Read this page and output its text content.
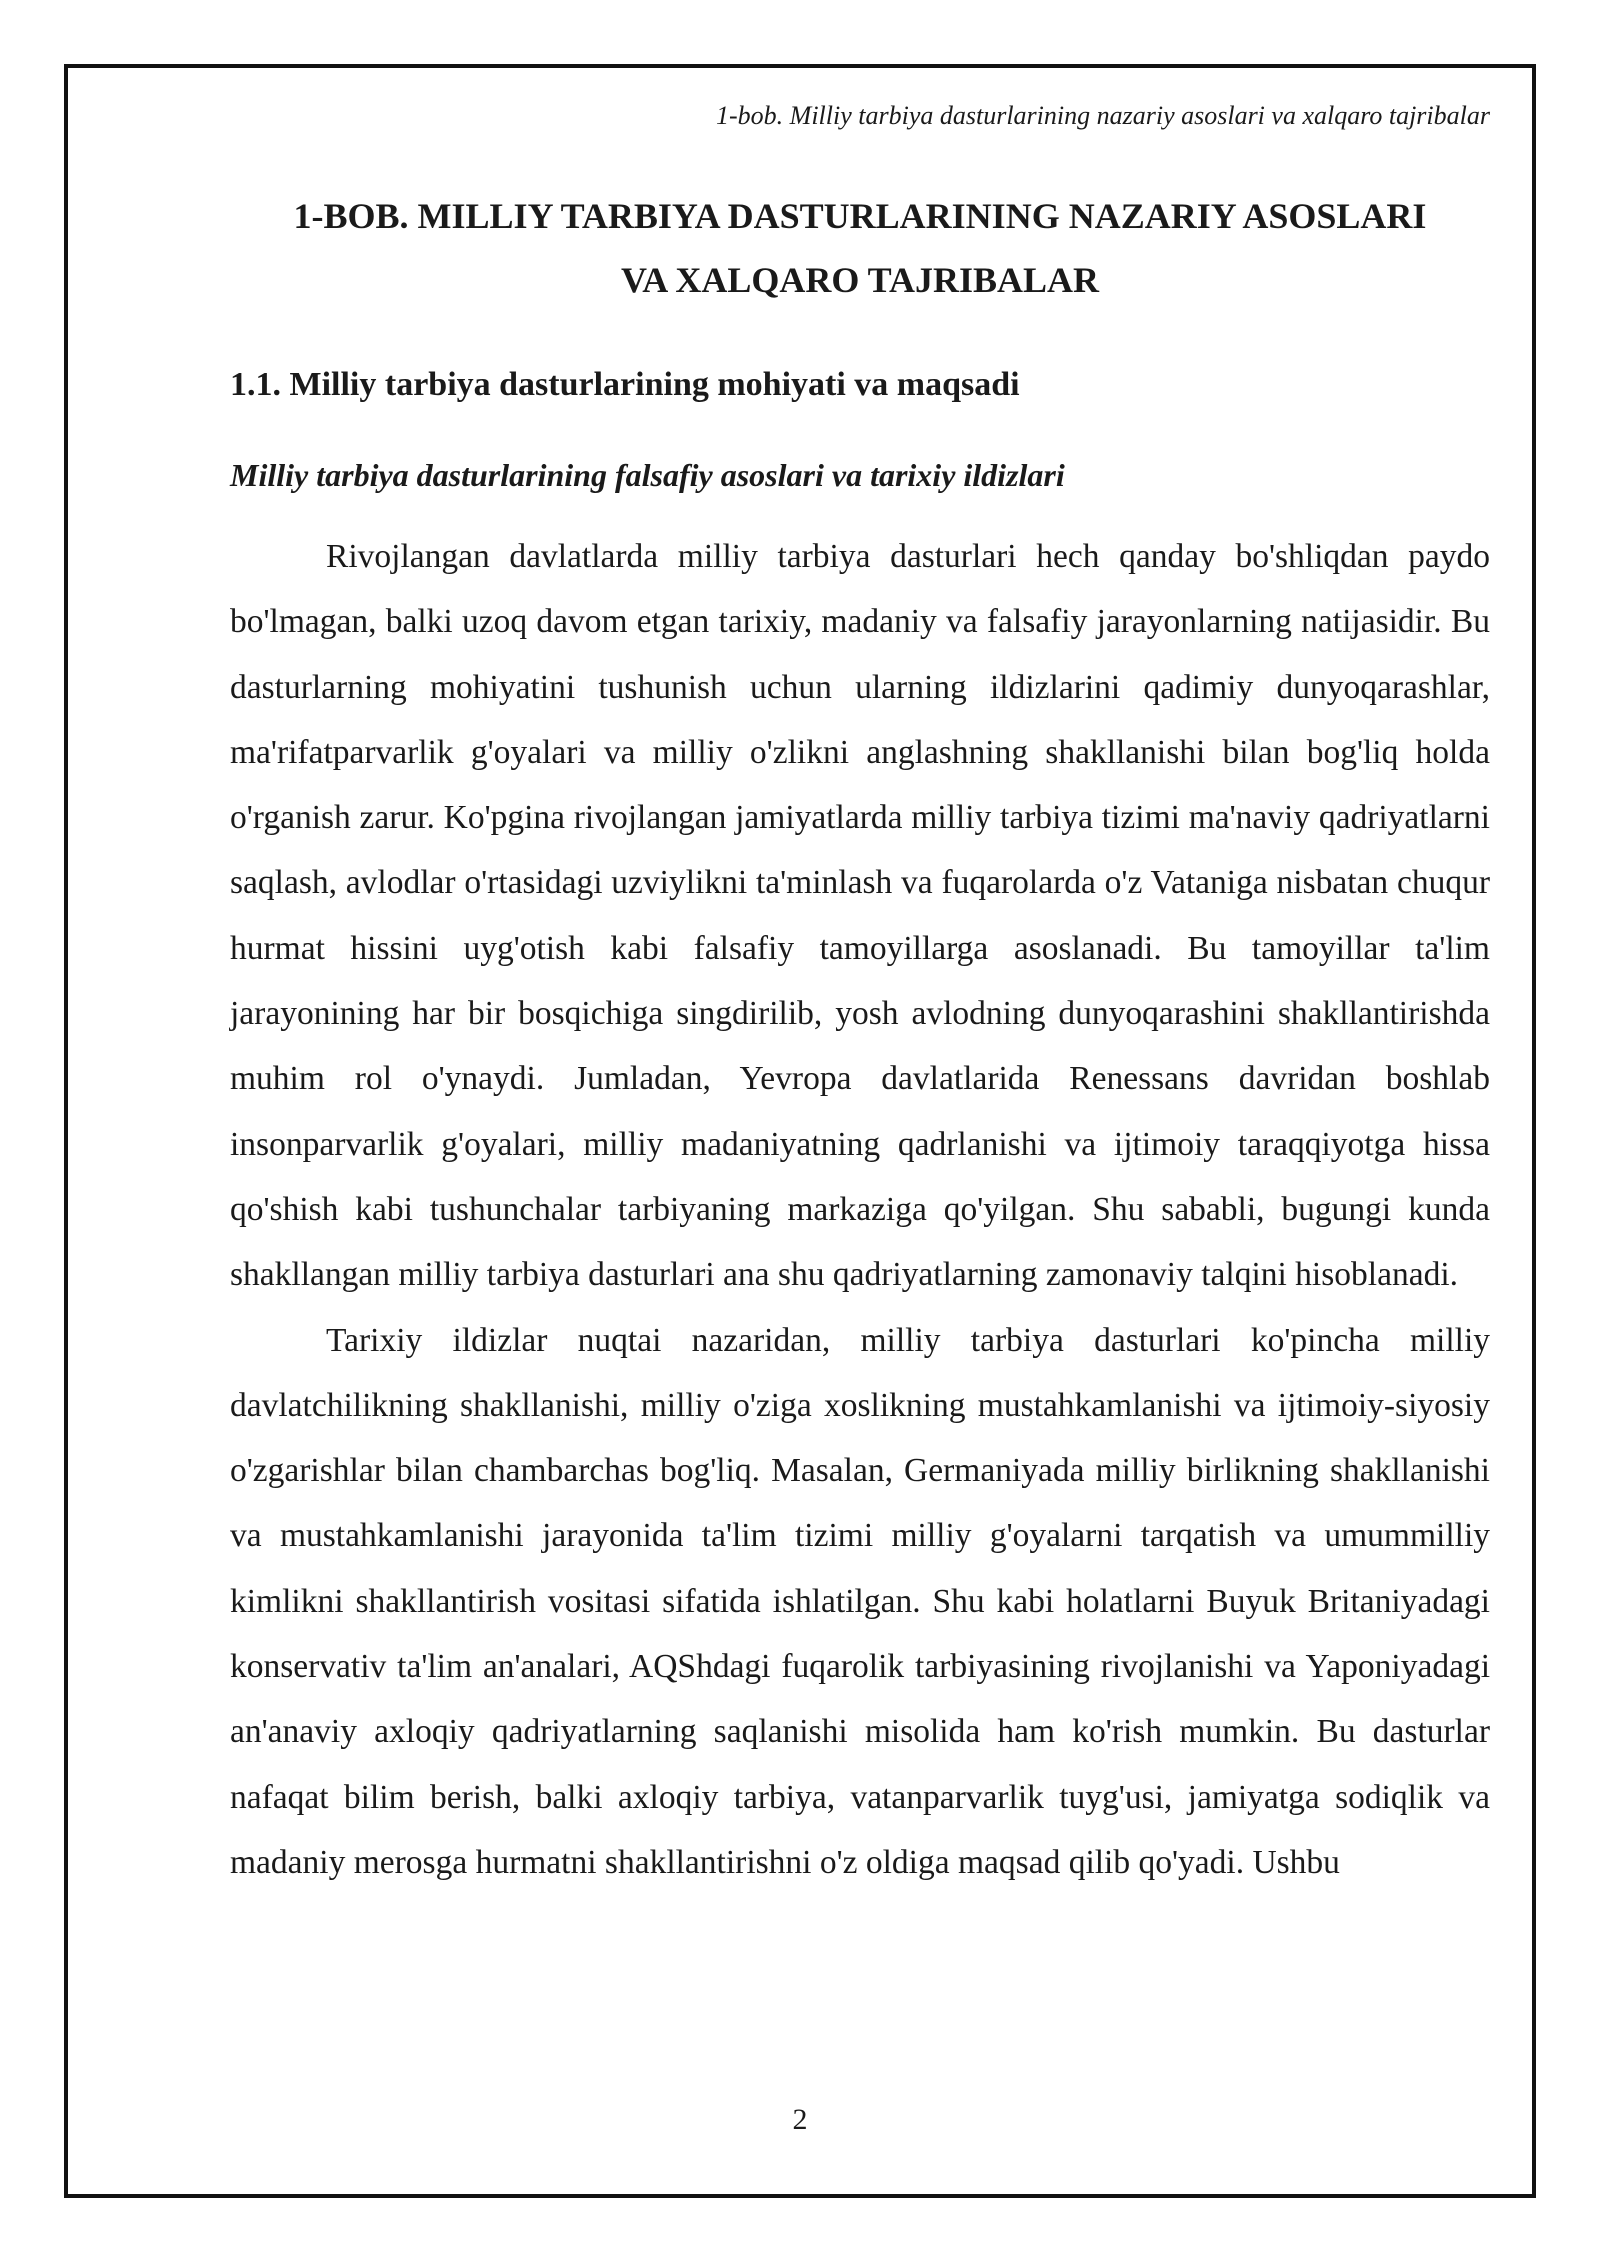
1-bob. Milliy tarbiya dasturlarining nazariy asoslari va xalqaro tajribalar

1-BOB. MILLIY TARBIYA DASTURLARINING NAZARIY ASOSLARI
VA XALQARO TAJRIBALAR
1.1. Milliy tarbiya dasturlarining mohiyati va maqsadi
Milliy tarbiya dasturlarining falsafiy asoslari va tarixiy ildizlari

Rivojlangan davlatlarda milliy tarbiya dasturlari hech qanday bo'shliqdan paydo bo'lmagan, balki uzoq davom etgan tarixiy, madaniy va falsafiy jarayonlarning natijasidir. Bu dasturlarning mohiyatini tushunish uchun ularning ildizlarini qadimiy dunyoqarashlar, ma'rifatparvarlik g'oyalari va milliy o'zlikni anglashning shakllanishi bilan bog'liq holda o'rganish zarur. Ko'pgina rivojlangan jamiyatlarda milliy tarbiya tizimi ma'naviy qadriyatlarni saqlash, avlodlar o'rtasidagi uzviylikni ta'minlash va fuqarolarda o'z Vataniga nisbatan chuqur hurmat hissini uyg'otish kabi falsafiy tamoyillarga asoslanadi. Bu tamoyillar ta'lim jarayonining har bir bosqichiga singdirilib, yosh avlodning dunyoqarashini shakllantirishda muhim rol o'ynaydi. Jumladan, Yevropa davlatlarida Renessans davridan boshlab insonparvarlik g'oyalari, milliy madaniyatning qadrlanishi va ijtimoiy taraqqiyotga hissa qo'shish kabi tushunchalar tarbiyaning markaziga qo'yilgan. Shu sababli, bugungi kunda shakllangan milliy tarbiya dasturlari ana shu qadriyatlarning zamonaviy talqini hisoblanadi.

Tarixiy ildizlar nuqtai nazaridan, milliy tarbiya dasturlari ko'pincha milliy davlatchilikning shakllanishi, milliy o'ziga xoslikning mustahkamlanishi va ijtimoiy-siyosiy o'zgarishlar bilan chambarchas bog'liq. Masalan, Germaniyada milliy birlikning shakllanishi va mustahkamlanishi jarayonida ta'lim tizimi milliy g'oyalarni tarqatish va umummilliy kimlikni shakllantirish vositasi sifatida ishlatilgan. Shu kabi holatlarni Buyuk Britaniyadagi konservativ ta'lim an'analari, AQShdagi fuqarolik tarbiyasining rivojlanishi va Yaponiyadagi an'anaviy axloqiy qadriyatlarning saqlanishi misolida ham ko'rish mumkin. Bu dasturlar nafaqat bilim berish, balki axloqiy tarbiya, vatanparvarlik tuyg'usi, jamiyatga sodiqlik va madaniy merosga hurmatni shakllantirishni o'z oldiga maqsad qilib qo'yadi. Ushbu

2
